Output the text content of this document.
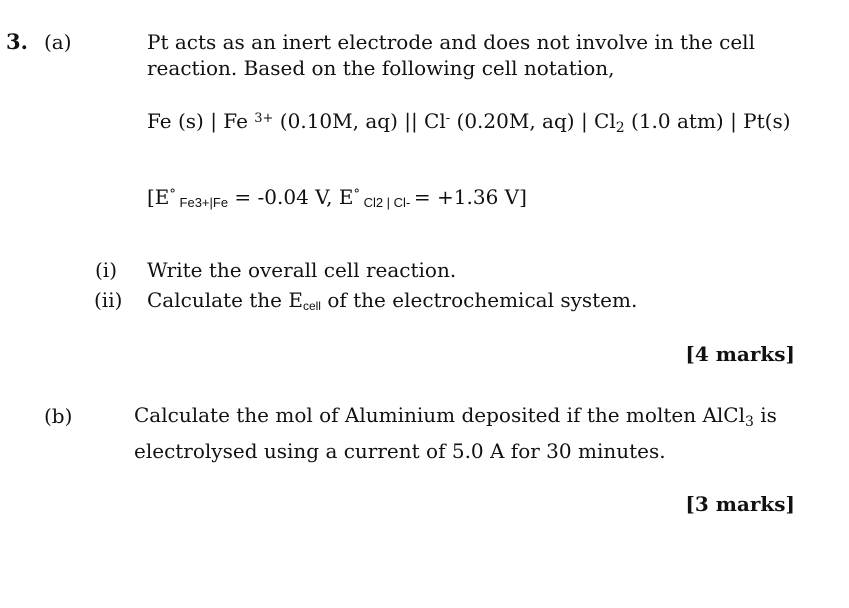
3. (a)	Pt acts as an inert electrode and does not involve in the cell
reaction. Based on the following cell notation,
Fe (s) | Fe $^{3+}$ (0.10M, aq) || Cl- (0.20M, aq) | $Cl_2$ (1.0 atm) | Pt(s)
[E° Fe3+|Fe = -0.04 V, E° Cl2 | Cl- = +1.36 V]
(i) Write the overall cell reaction.
(ii) Calculate the Ecell of the electrochemical system.
[4 marks]
(b)	Calculate the mol of Aluminium deposited if the molten AlCl$_3$ is
electrolysed using a current of 5.0 A for 30 minutes.
[3 marks]
